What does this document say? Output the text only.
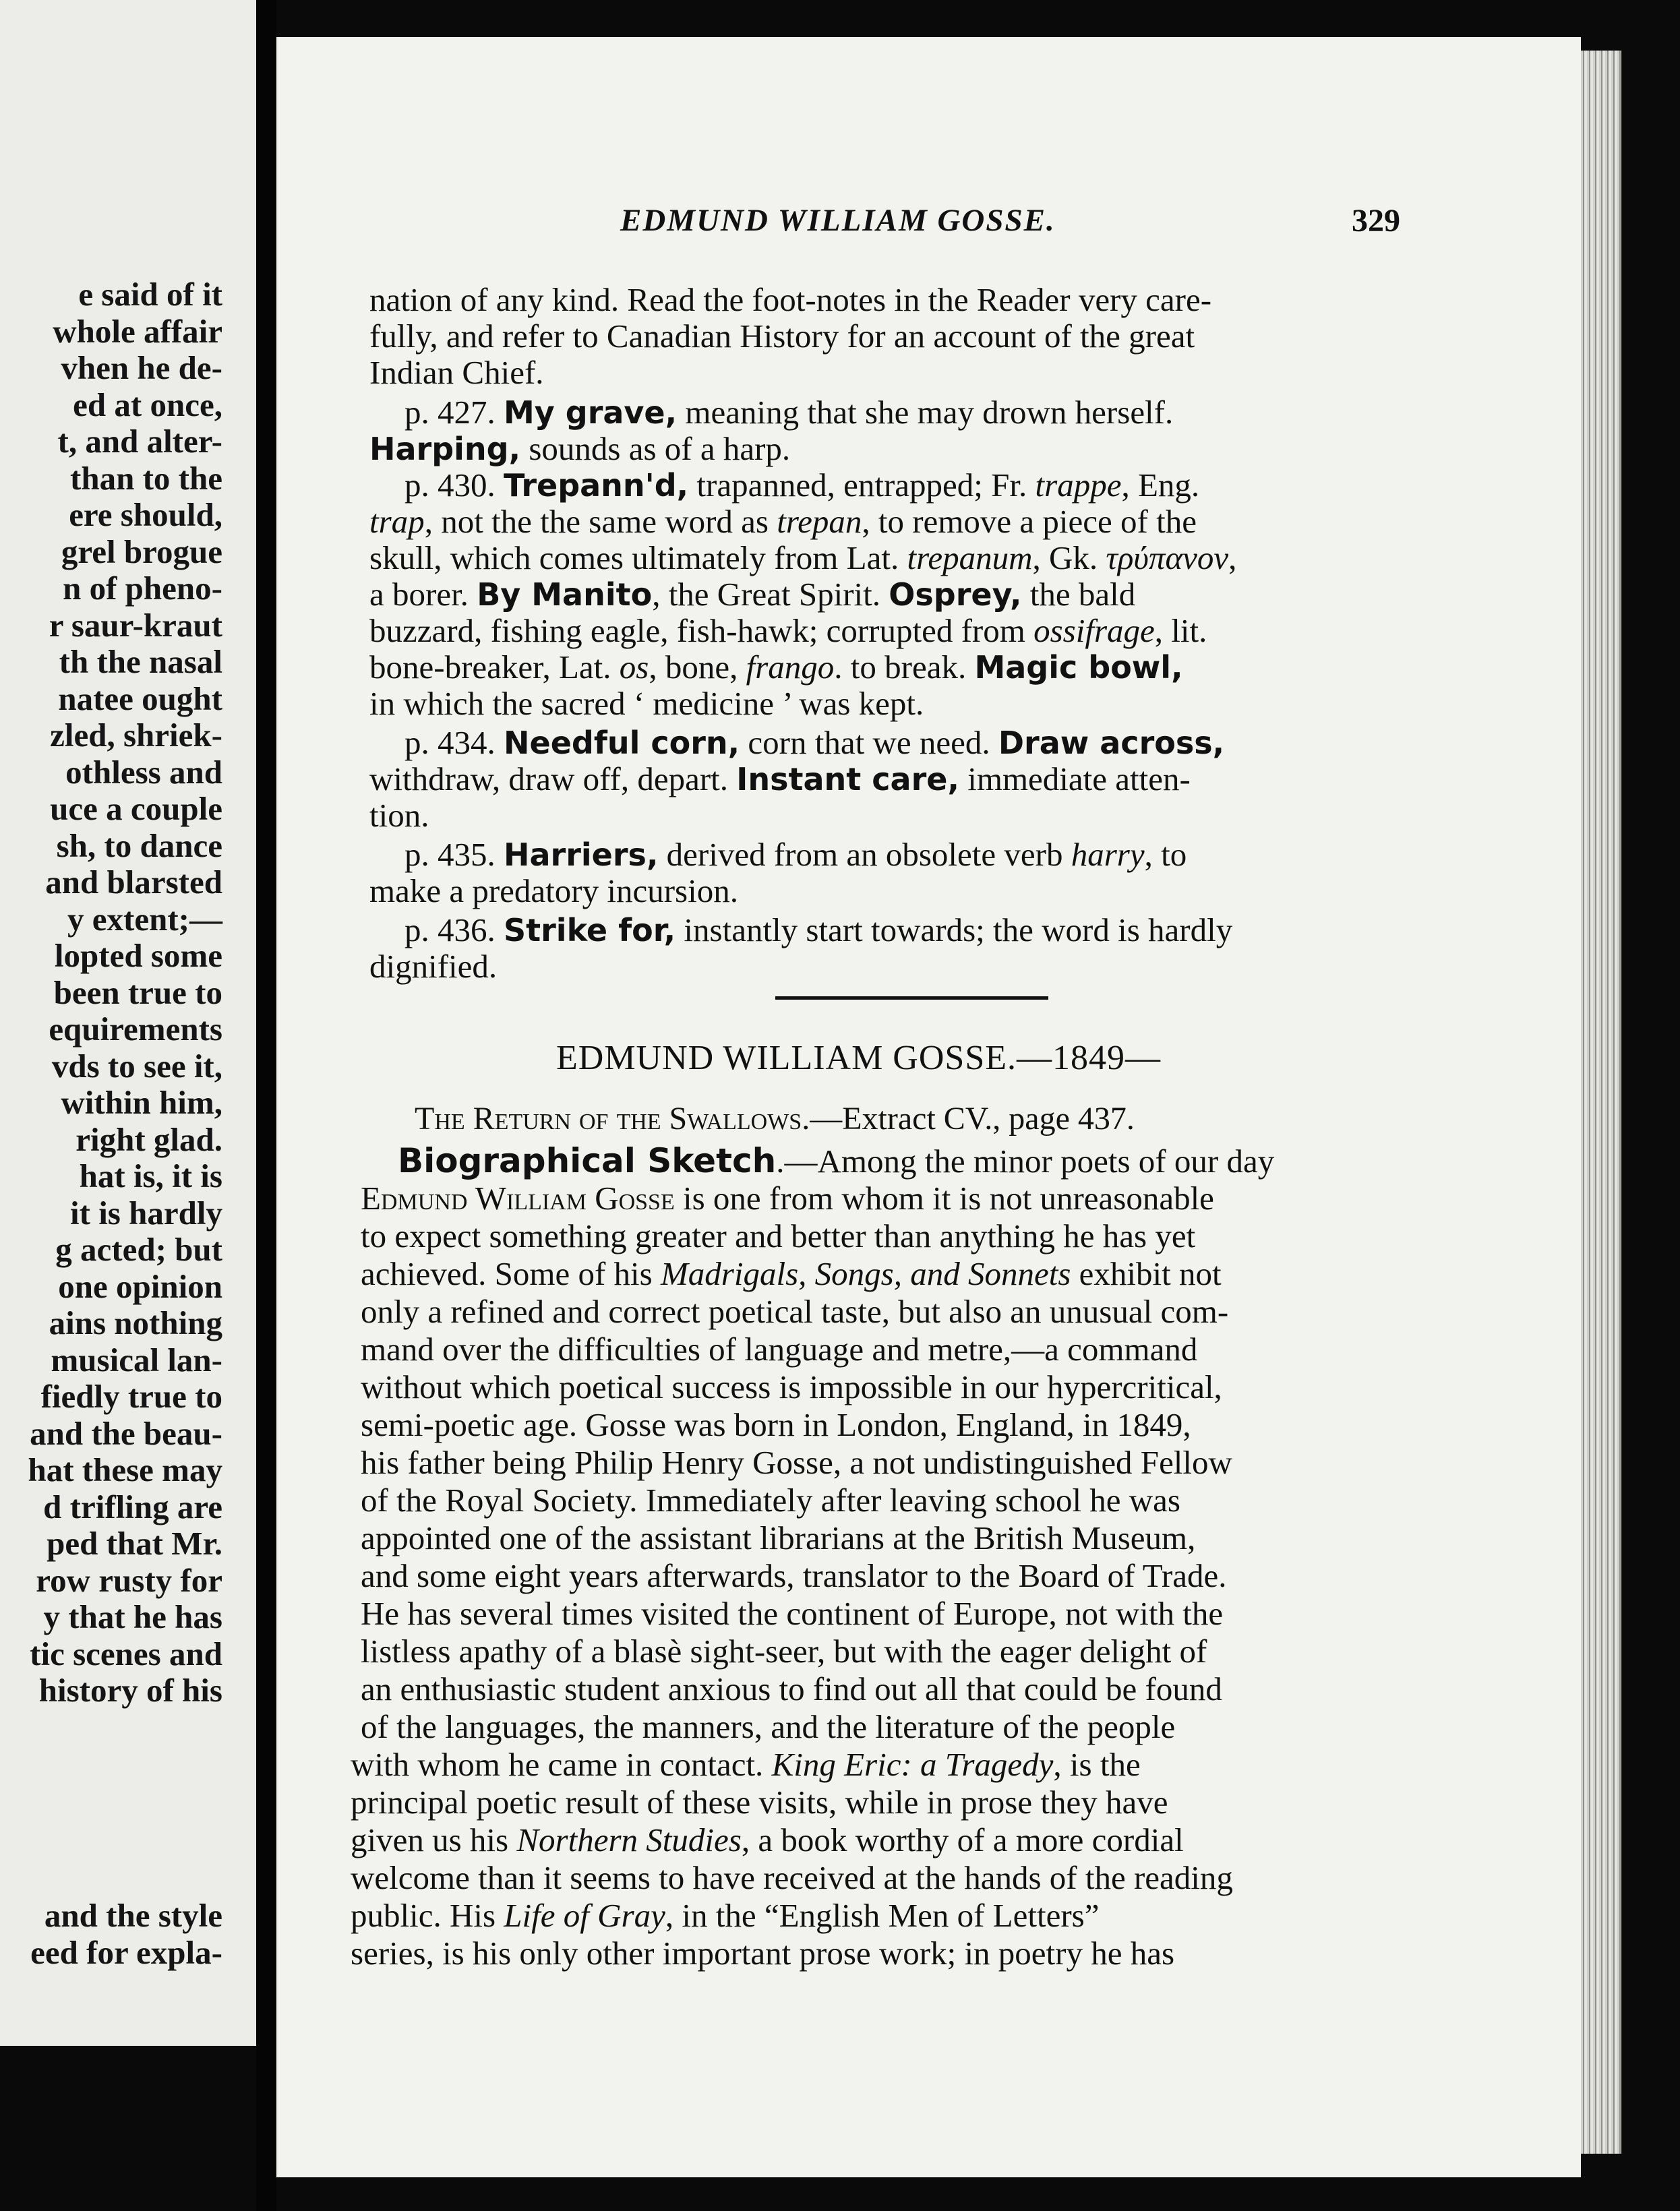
e said of it
whole affair
vhen he de-
ed at once,
t, and alter-
than to the
ere should,
grel brogue
n of pheno-
r saur-kraut
th the nasal
natee ought
zled, shriek-
othless and
uce a couple
sh, to dance
and blarsted
y extent;—
lopted some
been true to
equirements
vds to see it,
within him,
right glad.
hat is, it is
it is hardly
g acted; but
one opinion
ains nothing
musical lan-
fiedly true to
and the beau-
hat these may
d trifling are
ped that Mr.
row rusty for
y that he has
tic scenes and
history of his
and the style
eed for expla-
EDMUND WILLIAM GOSSE.	329
nation of any kind. Read the foot-notes in the Reader very care-
fully, and refer to Canadian History for an account of the great
Indian Chief.
p. 427. My grave, meaning that she may drown herself.
Harping, sounds as of a harp.
p. 430. Trepann'd, trapanned, entrapped; Fr. trappe, Eng.
trap, not the the same word as trepan, to remove a piece of the
skull, which comes ultimately from Lat. trepanum, Gk. τρύπανον,
a borer. By Manito, the Great Spirit. Osprey, the bald
buzzard, fishing eagle, fish-hawk; corrupted from ossifrage, lit.
bone-breaker, Lat. os, bone, frango. to break. Magic bowl,
in which the sacred ‘ medicine ’ was kept.
p. 434. Needful corn, corn that we need. Draw across,
withdraw, draw off, depart. Instant care, immediate atten-
tion.
p. 435. Harriers, derived from an obsolete verb harry, to
make a predatory incursion.
p. 436. Strike for, instantly start towards; the word is hardly
dignified.
EDMUND WILLIAM GOSSE.—1849—
The Return of the Swallows.—Extract CV., page 437.
Biographical Sketch.—Among the minor poets of our day
Edmund William Gosse is one from whom it is not unreasonable
to expect something greater and better than anything he has yet
achieved. Some of his Madrigals, Songs, and Sonnets exhibit not
only a refined and correct poetical taste, but also an unusual com-
mand over the difficulties of language and metre,—a command
without which poetical success is impossible in our hypercritical,
semi-poetic age. Gosse was born in London, England, in 1849,
his father being Philip Henry Gosse, a not undistinguished Fellow
of the Royal Society. Immediately after leaving school he was
appointed one of the assistant librarians at the British Museum,
and some eight years afterwards, translator to the Board of Trade.
He has several times visited the continent of Europe, not with the
listless apathy of a blasè sight-seer, but with the eager delight of
an enthusiastic student anxious to find out all that could be found
of the languages, the manners, and the literature of the people
with whom he came in contact. King Eric: a Tragedy, is the
principal poetic result of these visits, while in prose they have
given us his Northern Studies, a book worthy of a more cordial
welcome than it seems to have received at the hands of the reading
public. His Life of Gray, in the “English Men of Letters”
series, is his only other important prose work; in poetry he has
